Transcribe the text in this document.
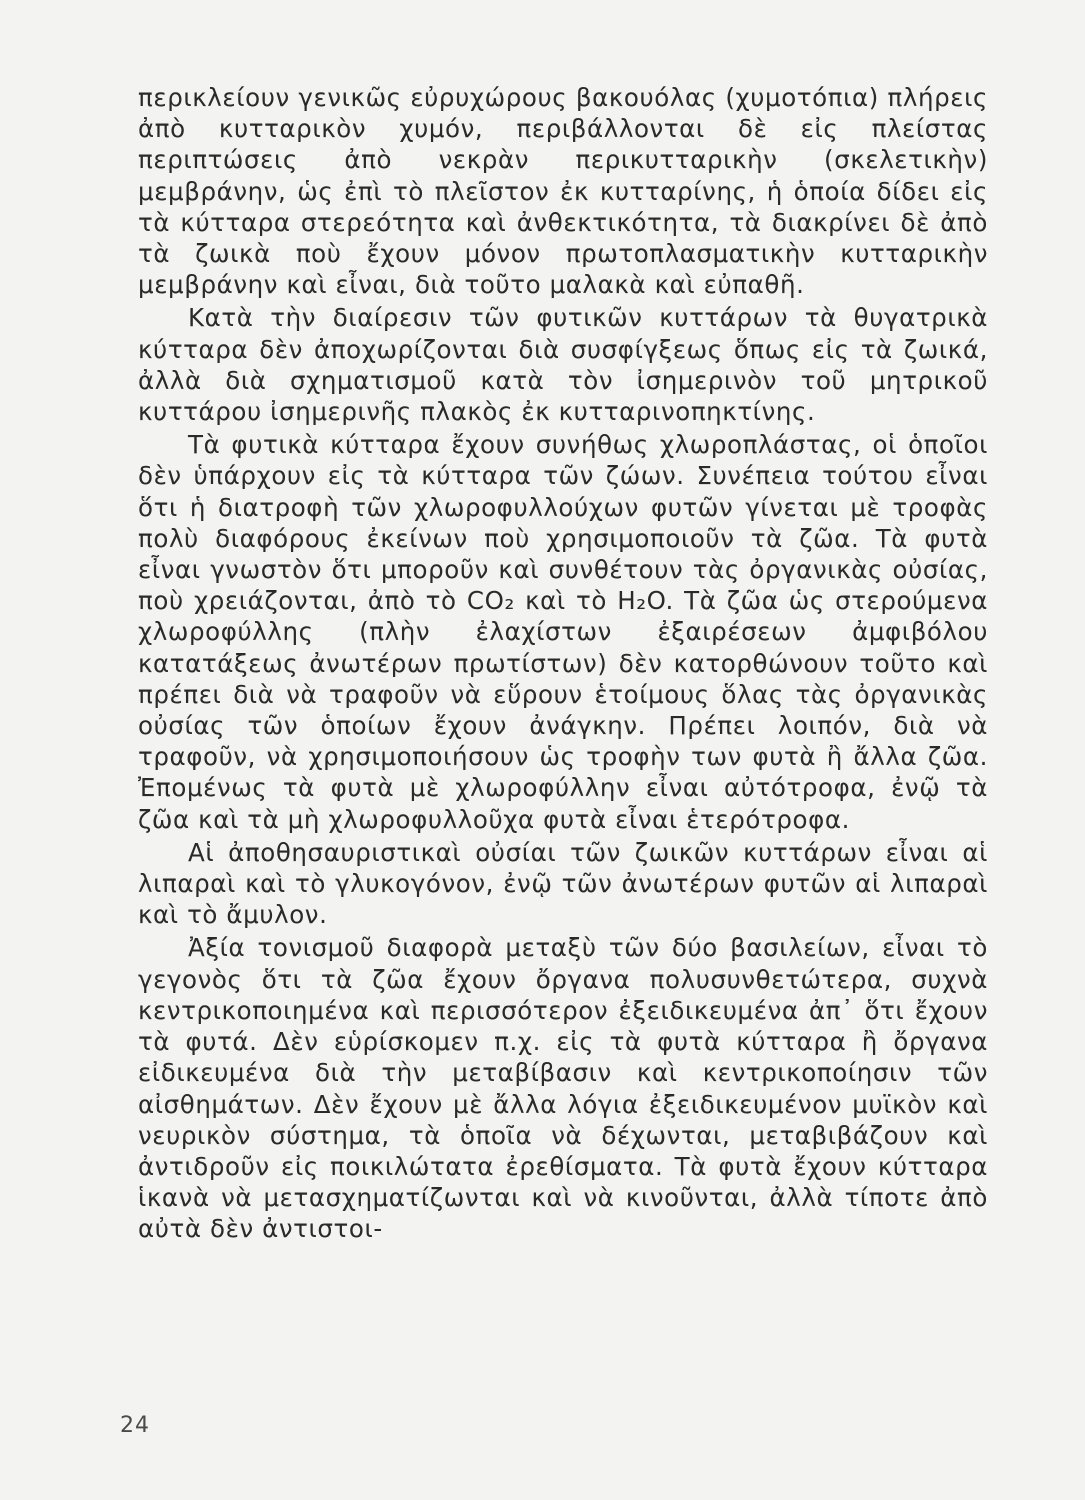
περικλείουν γενικῶς εὐρυχώρους βακουόλας (χυμοτόπια) πλήρεις ἀπὸ κυτταρικὸν χυμόν, περιβάλλονται δὲ εἰς πλείστας περιπτώσεις ἀπὸ νεκρὰν περικυτταρικὴν (σκελετικὴν) μεμβράνην, ὡς ἐπὶ τὸ πλεῖστον ἐκ κυτταρίνης, ἡ ὁποία δίδει εἰς τὰ κύτταρα στερεότητα καὶ ἀνθεκτικότητα, τὰ διακρίνει δὲ ἀπὸ τὰ ζωικὰ ποὺ ἔχουν μόνον πρωτοπλασματικὴν κυτταρικὴν μεμβράνην καὶ εἶναι, διὰ τοῦτο μαλακὰ καὶ εὐπαθῆ.

Κατὰ τὴν διαίρεσιν τῶν φυτικῶν κυττάρων τὰ θυγατρικὰ κύτταρα δὲν ἀποχωρίζονται διὰ συσφίγξεως ὅπως εἰς τὰ ζωικά, ἀλλὰ διὰ σχηματισμοῦ κατὰ τὸν ἰσημερινὸν τοῦ μητρικοῦ κυττάρου ἰσημερινῆς πλακὸς ἐκ κυτταρινοπηκτίνης.

Τὰ φυτικὰ κύτταρα ἔχουν συνήθως χλωροπλάστας, οἱ ὁποῖοι δὲν ὑπάρχουν εἰς τὰ κύτταρα τῶν ζώων. Συνέπεια τούτου εἶναι ὅτι ἡ διατροφὴ τῶν χλωροφυλλούχων φυτῶν γίνεται μὲ τροφὰς πολὺ διαφόρους ἐκείνων ποὺ χρησιμοποιοῦν τὰ ζῶα. Τὰ φυτὰ εἶναι γνωστὸν ὅτι μποροῦν καὶ συνθέτουν τὰς ὀργανικὰς οὐσίας, ποὺ χρειάζονται, ἀπὸ τὸ CO₂ καὶ τὸ H₂O. Τὰ ζῶα ὡς στερούμενα χλωροφύλλης (πλὴν ἐλαχίστων ἐξαιρέσεων ἀμφιβόλου κατατάξεως ἀνωτέρων πρωτίστων) δὲν κατορθώνουν τοῦτο καὶ πρέπει διὰ νὰ τραφοῦν νὰ εὕρουν ἑτοίμους ὅλας τὰς ὀργανικὰς οὐσίας τῶν ὁποίων ἔχουν ἀνάγκην. Πρέπει λοιπόν, διὰ νὰ τραφοῦν, νὰ χρησιμοποιήσουν ὡς τροφὴν των φυτὰ ἢ ἄλλα ζῶα. Ἐπομένως τὰ φυτὰ μὲ χλωροφύλλην εἶναι αὐτότροφα, ἐνῷ τὰ ζῶα καὶ τὰ μὴ χλωροφυλλοῦχα φυτὰ εἶναι ἑτερότροφα.

Αἱ ἀποθησαυριστικαὶ οὐσίαι τῶν ζωικῶν κυττάρων εἶναι αἱ λιπαραὶ καὶ τὸ γλυκογόνον, ἐνῷ τῶν ἀνωτέρων φυτῶν αἱ λιπαραὶ καὶ τὸ ἄμυλον.

Ἀξία τονισμοῦ διαφορὰ μεταξὺ τῶν δύο βασιλείων, εἶναι τὸ γεγονὸς ὅτι τὰ ζῶα ἔχουν ὄργανα πολυσυνθετώτερα, συχνὰ κεντρικοποιημένα καὶ περισσότερον ἐξειδικευμένα ἀπ᾿ ὅτι ἔχουν τὰ φυτά. Δὲν εὑρίσκομεν π.χ. εἰς τὰ φυτὰ κύτταρα ἢ ὄργανα εἰδικευμένα διὰ τὴν μεταβίβασιν καὶ κεντρικοποίησιν τῶν αἰσθημάτων. Δὲν ἔχουν μὲ ἄλλα λόγια ἐξειδικευμένον μυϊκὸν καὶ νευρικὸν σύστημα, τὰ ὁποῖα νὰ δέχωνται, μεταβιβάζουν καὶ ἀντιδροῦν εἰς ποικιλώτατα ἐρεθίσματα. Τὰ φυτὰ ἔχουν κύτταρα ἱκανὰ νὰ μετασχηματίζωνται καὶ νὰ κινοῦνται, ἀλλὰ τίποτε ἀπὸ αὐτὰ δὲν ἀντιστοι-

24
